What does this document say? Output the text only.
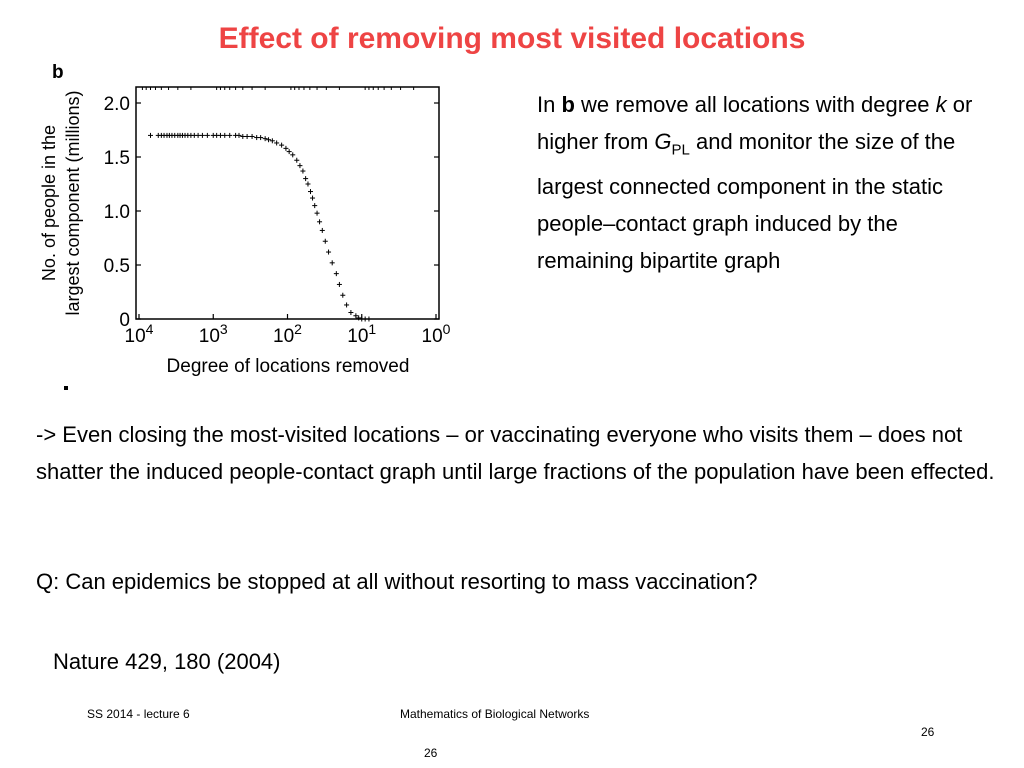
Effect of removing most visited locations
b
0
0.5
1.0
1.5
2.0
$10^4$ $10^3$ $10^2$ $10^1$ $10^0$
Degree of locations removed
No. of people in the largest component (millions)	In b we remove all locations with degree k or higher from $G_{PL}$ and monitor the size of the largest connected component in the static people–contact graph induced by the remaining bipartite graph
-> Even closing the most-visited locations – or vaccinating everyone who visits them – does not shatter the induced people-contact graph until large fractions of the population have been effected.
Q: Can epidemics be stopped at all without resorting to mass vaccination?
Nature 429, 180 (2004)
SS 2014 - lecture 6	Mathematics of Biological Networks
26
26
